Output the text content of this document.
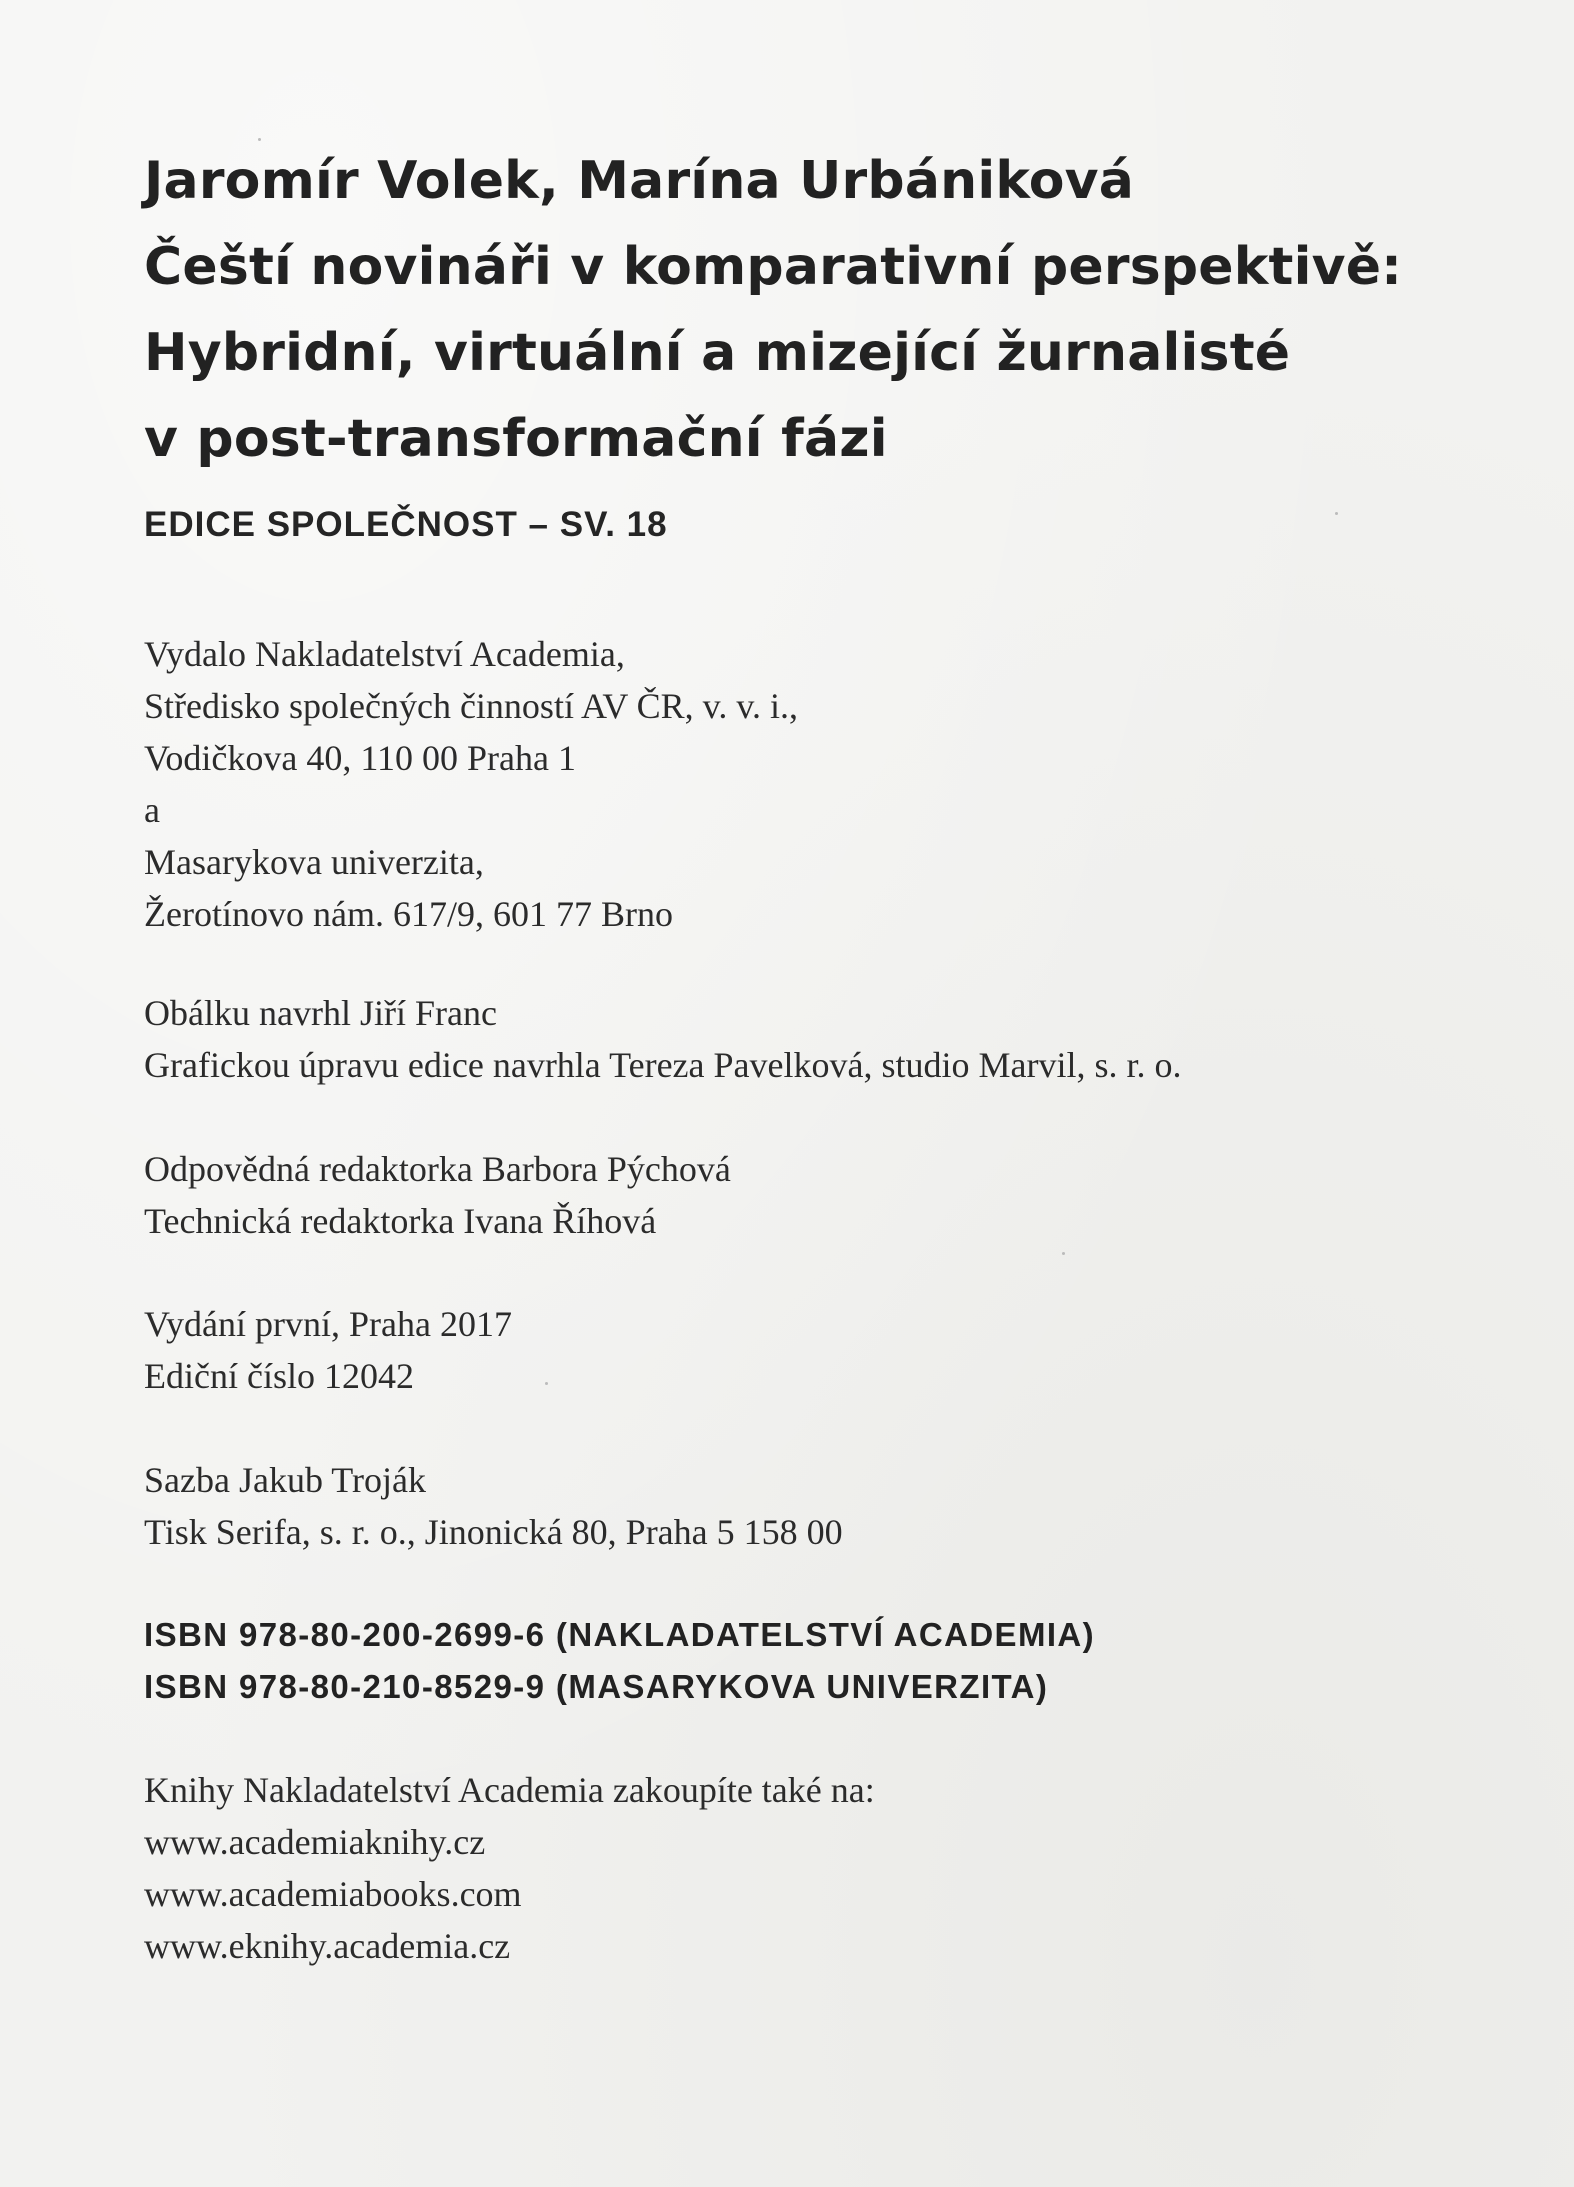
Jaromír Volek, Marína Urbániková
Čeští novináři v komparativní perspektivě:
Hybridní, virtuální a mizející žurnalisté
v post-transformační fázi
EDICE SPOLEČNOST – SV. 18
Vydalo Nakladatelství Academia,
Středisko společných činností AV ČR, v. v. i.,
Vodičkova 40, 110 00 Praha 1
a
Masarykova univerzita,
Žerotínovo nám. 617/9, 601 77 Brno
Obálku navrhl Jiří Franc
Grafickou úpravu edice navrhla Tereza Pavelková, studio Marvil, s. r. o.
Odpovědná redaktorka Barbora Pýchová
Technická redaktorka Ivana Říhová
Vydání první, Praha 2017
Ediční číslo 12042
Sazba Jakub Troják
Tisk Serifa, s. r. o., Jinonická 80, Praha 5 158 00
ISBN 978-80-200-2699-6 (NAKLADATELSTVÍ ACADEMIA)
ISBN 978-80-210-8529-9 (MASARYKOVA UNIVERZITA)
Knihy Nakladatelství Academia zakoupíte také na:
www.academiaknihy.cz
www.academiabooks.com
www.eknihy.academia.cz
